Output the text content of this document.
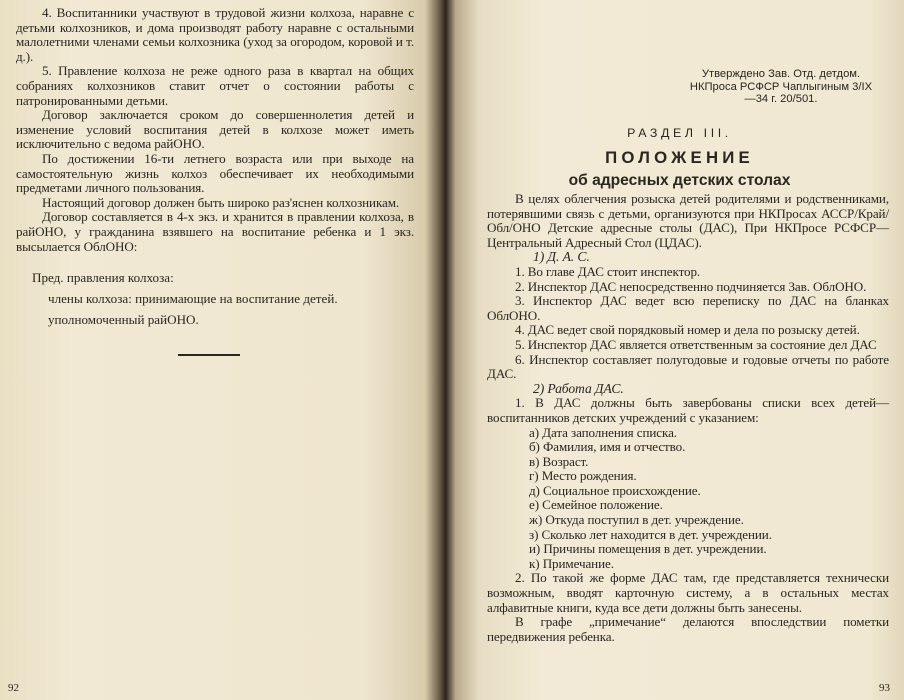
4. Воспитанники участвуют в трудовой жизни колхоза, наравне с детьми колхозников, и дома производят работу наравне с остальными малолетними членами семьи колхозника (уход за огородом, коровой и т. д.).

5. Правление колхоза не реже одного раза в квартал на общих собраниях колхозников ставит отчет о состоянии работы с патронированными детьми.

Договор заключается сроком до совершеннолетия детей и изменение условий воспитания детей в колхозе может иметь исключительно с ведома райОНО.

По достижении 16-ти летнего возраста или при выходе на самостоятельную жизнь колхоз обеспечивает их необходимыми предметами личного пользования.

Настоящий договор должен быть широко раз'яснен колхозникам.

Договор составляется в 4-х экз. и хранится в правлении колхоза, в райОНО, у гражданина взявшего на воспитание ребенка и 1 экз. высылается ОблОНО:

Пред. правления колхоза:
члены колхоза: принимающие на воспитание детей.
уполномоченный райОНО.
92
Утверждено Зав. Отд. детдом. НКПроса РСФСР Чаплыгиным 3/IX—34 г. 20/501.
РАЗДЕЛ III.
ПОЛОЖЕНИЕ
об адресных детских столах

В целях облегчения розыска детей родителями и родственниками, потерявшими связь с детьми, организуются при НКПросах АССР/Край/Обл/ОНО Детские адресные столы (ДАС), При НКПросе РСФСР—Центральный Адресный Стол (ЦДАС).

1) Д. А. С.

1. Во главе ДАС стоит инспектор.

2. Инспектор ДАС непосредственно подчиняется Зав. ОблОНО.

3. Инспектор ДАС ведет всю переписку по ДАС на бланках ОблОНО.

4. ДАС ведет свой порядковый номер и дела по розыску детей.

5. Инспектор ДАС является ответственным за состояние дел ДАС

6. Инспектор составляет полугодовые и годовые отчеты по работе ДАС.

2) Работа ДАС.

1. В ДАС должны быть завербованы списки всех детей—воспитанников детских учреждений с указанием:

а) Дата заполнения списка.
б) Фамилия, имя и отчество.
в) Возраст.
г) Место рождения.
д) Социальное происхождение.
е) Семейное положение.
ж) Откуда поступил в дет. учреждение.
з) Сколько лет находится в дет. учреждении.
и) Причины помещения в дет. учреждении.
к) Примечание.

2. По такой же форме ДАС там, где представляется технически возможным, вводят карточную систему, а в остальных местах алфавитные книги, куда все дети должны быть занесены.

В графе „примечание“ делаются впоследствии пометки передвижения ребенка.

93
